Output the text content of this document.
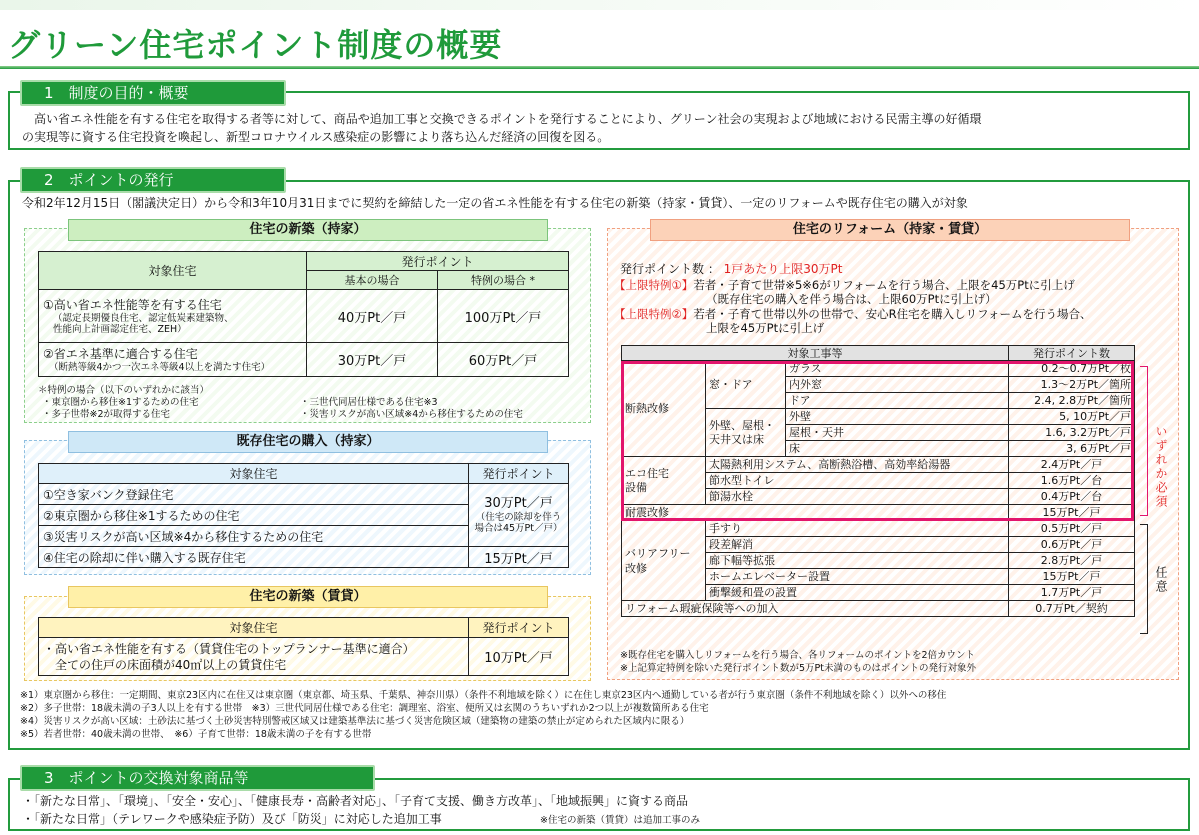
グリーン住宅ポイント制度の概要
1　制度の目的・概要
　高い省エネ性能を有する住宅を取得する者等に対して、商品や追加工事と交換できるポイントを発行することにより、グリーン社会の実現および地域における民需主導の好循環
の実現等に資する住宅投資を喚起し、新型コロナウイルス感染症の影響により落ち込んだ経済の回復を図る。
2　ポイントの発行
令和2年12月15日（閣議決定日）から令和3年10月31日までに契約を締結した一定の省エネ性能を有する住宅の新築（持家・賃貸）、一定のリフォームや既存住宅の購入が対象
住宅の新築（持家）
対象住宅	発行ポイント	
	基本の場合	特例の場合 *

①高い省エネ性能等を有する住宅
（認定長期優良住宅、認定低炭素建築物、
性能向上計画認定住宅、ZEH）	40万Pt／戸	100万Pt／戸

②省エネ基準に適合する住宅
（断熱等級4かつ一次エネ等級4以上を満たす住宅）	30万Pt／戸	60万Pt／戸
＊特例の場合（以下のいずれかに該当）
・東京圏から移住※1するための住宅
・多子世帯※2が取得する住宅
・三世代同居仕様である住宅※3
・災害リスクが高い区域※4から移住するための住宅
既存住宅の購入（持家）
対象住宅	発行ポイント
①空き家バンク登録住宅	30万Pt／戸
（住宅の除却を伴う
場合は45万Pt／戸）

②東京圏から移住※1するための住宅	
③災害リスクが高い区域※4から移住するための住宅	
④住宅の除却に伴い購入する既存住宅	15万Pt／戸
住宅の新築（賃貸）
対象住宅	発行ポイント

・高い省エネ性能を有する（賃貸住宅のトップランナー基準に適合）
　全ての住戸の床面積が40㎡以上の賃貸住宅	10万Pt／戸
住宅のリフォーム（持家・賃貸）
発行ポイント数 ： 1戸あたり上限30万Pt
【上限特例①】若者・子育て世帯※5※6がリフォームを行う場合、上限を45万Ptに引上げ
（既存住宅の購入を伴う場合は、上限60万Ptに引上げ）
【上限特例②】若者・子育て世帯以外の世帯で、安心R住宅を購入しリフォームを行う場合、
上限を45万Ptに引上げ
対象工事等			発行ポイント数
断熱改修	窓・ドア	ガラス	0.2～0.7万Pt／枚
		内外窓	1.3～2万Pt／箇所
		ドア	2.4, 2.8万Pt／箇所

	外壁、屋根・
天井又は床	外壁	5, 10万Pt／戸
		屋根・天井	1.6, 3.2万Pt／戸
		床	3, 6万Pt／戸

エコ住宅
設備	太陽熱利用システム、高断熱浴槽、高効率給湯器		2.4万Pt／戸
	節水型トイレ		1.6万Pt／台
	節湯水栓		0.4万Pt／台
耐震改修			15万Pt／戸

バリアフリー
改修	手すり		0.5万Pt／戸
	段差解消		0.6万Pt／戸
	廊下幅等拡張		2.8万Pt／戸
	ホームエレベーター設置		15万Pt／戸
	衝撃緩和畳の設置		1.7万Pt／戸
リフォーム瑕疵保険等への加入			0.7万Pt／契約
いずれか必須
任意
※既存住宅を購入しリフォームを行う場合、各リフォームのポイントを2倍カウント
※上記算定特例を除いた発行ポイント数が5万Pt未満のものはポイントの発行対象外
※1）東京圏から移住：一定期間、東京23区内に在住又は東京圏（東京都、埼玉県、千葉県、神奈川県）（条件不利地域を除く）に在住し東京23区内へ通勤している者が行う東京圏（条件不利地域を除く）以外への移住
※2）多子世帯：18歳未満の子3人以上を有する世帯　※3）三世代同居仕様である住宅：調理室、浴室、便所又は玄関のうちいずれか2つ以上が複数箇所ある住宅
※4）災害リスクが高い区域：土砂法に基づく土砂災害特別警戒区域又は建築基準法に基づく災害危険区域（建築物の建築の禁止が定められた区域内に限る）
※5）若者世帯：40歳未満の世帯、　※6）子育て世帯：18歳未満の子を有する世帯
3　ポイントの交換対象商品等
・「新たな日常」、「環境」、「安全・安心」、「健康長寿・高齢者対応」、「子育て支援、働き方改革」、「地域振興」に資する商品
・「新たな日常」（テレワークや感染症予防）及び「防災」に対応した追加工事	※住宅の新築（賃貸）は追加工事のみ
